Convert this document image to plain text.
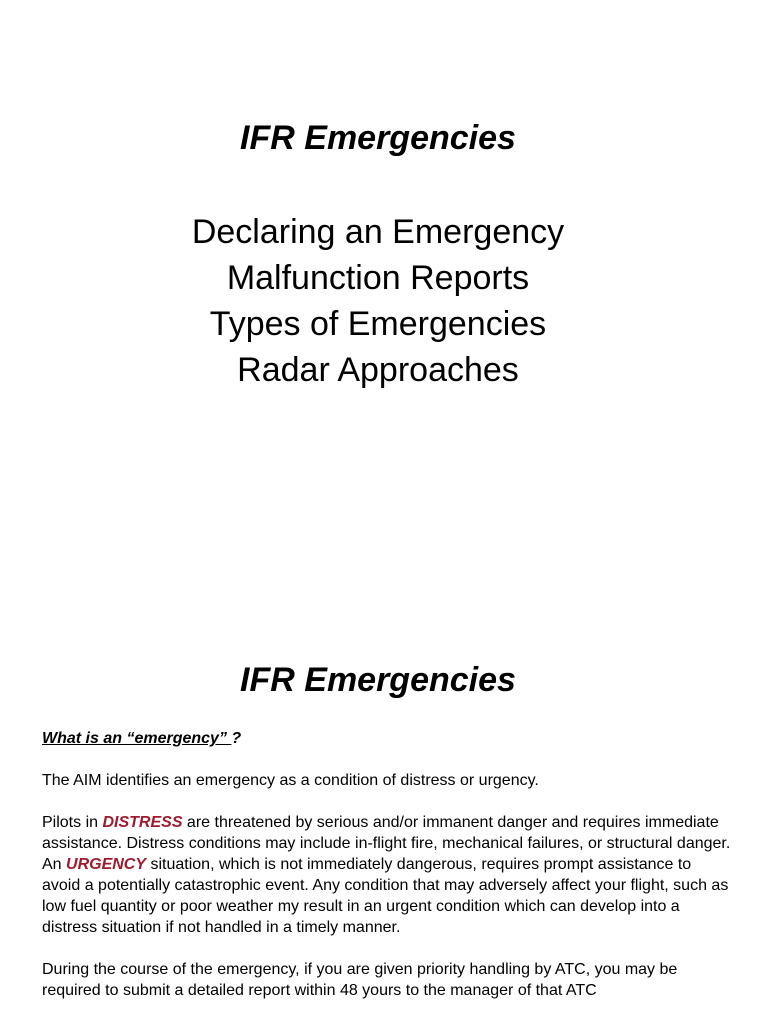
IFR Emergencies
Declaring an Emergency
Malfunction Reports
Types of Emergencies
Radar Approaches
IFR Emergencies

What is an “emergency” ?

The AIM identifies an emergency as a condition of distress or urgency.

Pilots in DISTRESS are threatened by serious and/or immanent danger and requires immediate assistance. Distress conditions may include in-flight fire, mechanical failures, or structural danger.

An URGENCY situation, which is not immediately dangerous, requires prompt assistance to avoid a potentially catastrophic event. Any condition that may adversely affect your flight, such as low fuel quantity or poor weather my result in an urgent condition which can develop into a distress situation if not handled in a timely manner.

During the course of the emergency, if you are given priority handling by ATC, you may be required to submit a detailed report within 48 yours to the manager of that ATC
